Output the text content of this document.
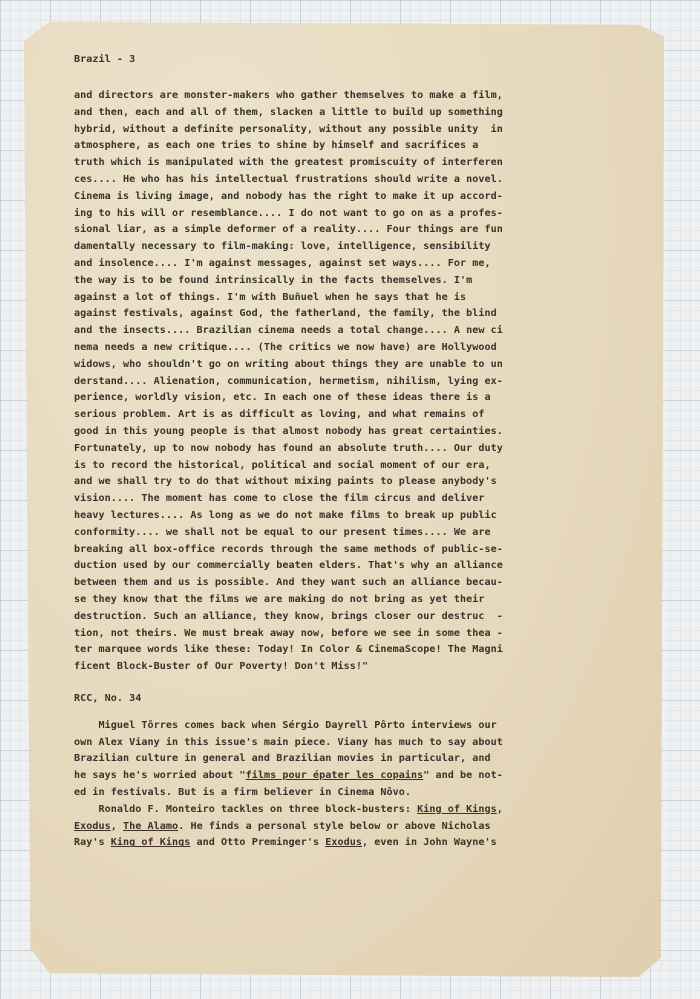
Brazil - 3
and directors are monster-makers who gather themselves to make a film,
and then, each and all of them, slacken a little to build up something
hybrid, without a definite personality, without any possible unity  in
atmosphere, as each one tries to shine by himself and sacrifices a
truth which is manipulated with the greatest promiscuity of interferen
ces.... He who has his intellectual frustrations should write a novel.
Cinema is living image, and nobody has the right to make it up accord-
ing to his will or resemblance.... I do not want to go on as a profes-
sional liar, as a simple deformer of a reality.... Four things are fun
damentally necessary to film-making: love, intelligence, sensibility
and insolence.... I'm against messages, against set ways.... For me,
the way is to be found intrinsically in the facts themselves. I'm
against a lot of things. I'm with Buñuel when he says that he is
against festivals, against God, the fatherland, the family, the blind
and the insects.... Brazilian cinema needs a total change.... A new ci
nema needs a new critique.... (The critics we now have) are Hollywood
widows, who shouldn't go on writing about things they are unable to un
derstand.... Alienation, communication, hermetism, nihilism, lying ex-
perience, worldly vision, etc. In each one of these ideas there is a
serious problem. Art is as difficult as loving, and what remains of
good in this young people is that almost nobody has great certainties.
Fortunately, up to now nobody has found an absolute truth.... Our duty
is to record the historical, political and social moment of our era,
and we shall try to do that without mixing paints to please anybody's
vision.... The moment has come to close the film circus and deliver
heavy lectures.... As long as we do not make films to break up public
conformity.... we shall not be equal to our present times.... We are
breaking all box-office records through the same methods of public-se-
duction used by our commercially beaten elders. That's why an alliance
between them and us is possible. And they want such an alliance becau-
se they know that the films we are making do not bring as yet their
destruction. Such an alliance, they know, brings closer our destruc  -
tion, not theirs. We must break away now, before we see in some thea -
ter marquee words like these: Today! In Color & CinemaScope! The Magni
ficent Block-Buster of Our Poverty! Don't Miss!"
RCC, No. 34
Miguel Tôrres comes back when Sérgio Dayrell Pôrto interviews our
own Alex Viany in this issue's main piece. Viany has much to say about
Brazilian culture in general and Brazilian movies in particular, and
he says he's worried about "films pour épater les copains" and be not-
ed in festivals. But is a firm believer in Cinema Nôvo.
Ronaldo F. Monteiro tackles on three block-busters: King of Kings,
Exodus, The Alamo. He finds a personal style below or above Nicholas
Ray's King of Kings and Otto Preminger's Exodus, even in John Wayne's
